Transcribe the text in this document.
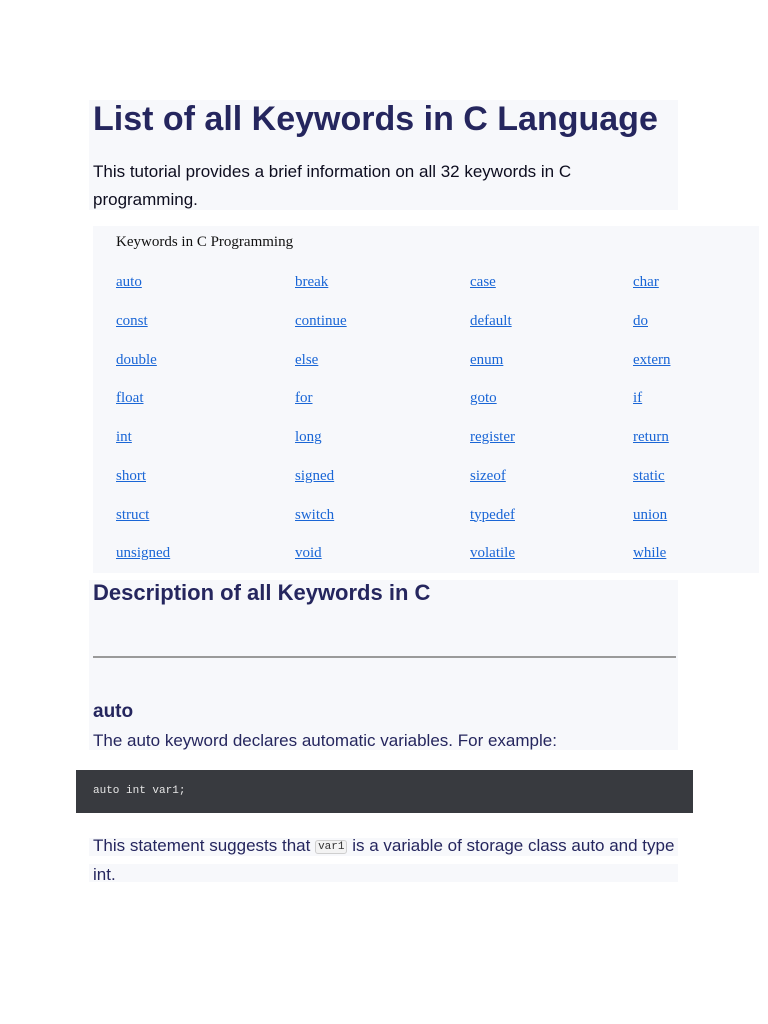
List of all Keywords in C Language

This tutorial provides a brief information on all 32 keywords in C programming.

Keywords in C Programming
auto	break	case	char
const	continue	default	do
double	else	enum	extern
float	for	goto	if
int	long	register	return
short	signed	sizeof	static
struct	switch	typedef	union
unsigned	void	volatile	while
Description of all Keywords in C
auto

The auto keyword declares automatic variables. For example:

auto int var1;

This statement suggests that var1 is a variable of storage class auto and type int.
